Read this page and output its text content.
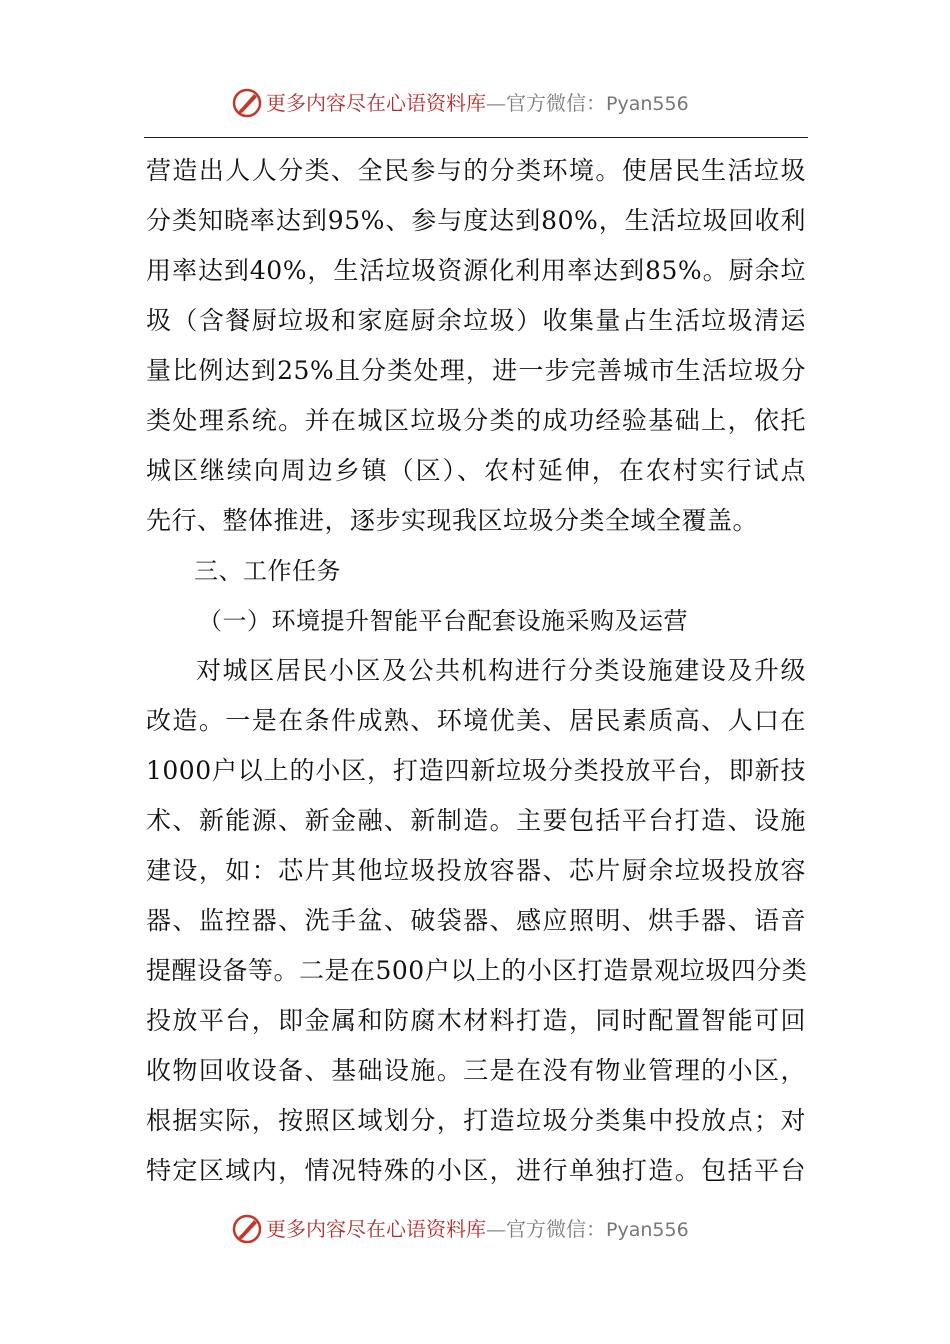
更多内容尽在心语资料库—官方微信：Pyan556
营造出人人分类、全民参与的分类环境。使居民生活垃圾
分类知晓率达到95%、参与度达到80%，生活垃圾回收利
用率达到40%，生活垃圾资源化利用率达到85%。厨余垃
圾（含餐厨垃圾和家庭厨余垃圾）收集量占生活垃圾清运
量比例达到25%且分类处理，进一步完善城市生活垃圾分
类处理系统。并在城区垃圾分类的成功经验基础上，依托
城区继续向周边乡镇（区）、农村延伸，在农村实行试点
先行、整体推进，逐步实现我区垃圾分类全域全覆盖。
三、工作任务
（一）环境提升智能平台配套设施采购及运营
对城区居民小区及公共机构进行分类设施建设及升级
改造。一是在条件成熟、环境优美、居民素质高、人口在
1000户以上的小区，打造四新垃圾分类投放平台，即新技
术、新能源、新金融、新制造。主要包括平台打造、设施
建设，如：芯片其他垃圾投放容器、芯片厨余垃圾投放容
器、监控器、洗手盆、破袋器、感应照明、烘手器、语音
提醒设备等。二是在500户以上的小区打造景观垃圾四分类
投放平台，即金属和防腐木材料打造，同时配置智能可回
收物回收设备、基础设施。三是在没有物业管理的小区，
根据实际，按照区域划分，打造垃圾分类集中投放点；对
特定区域内，情况特殊的小区，进行单独打造。包括平台
更多内容尽在心语资料库—官方微信：Pyan556
